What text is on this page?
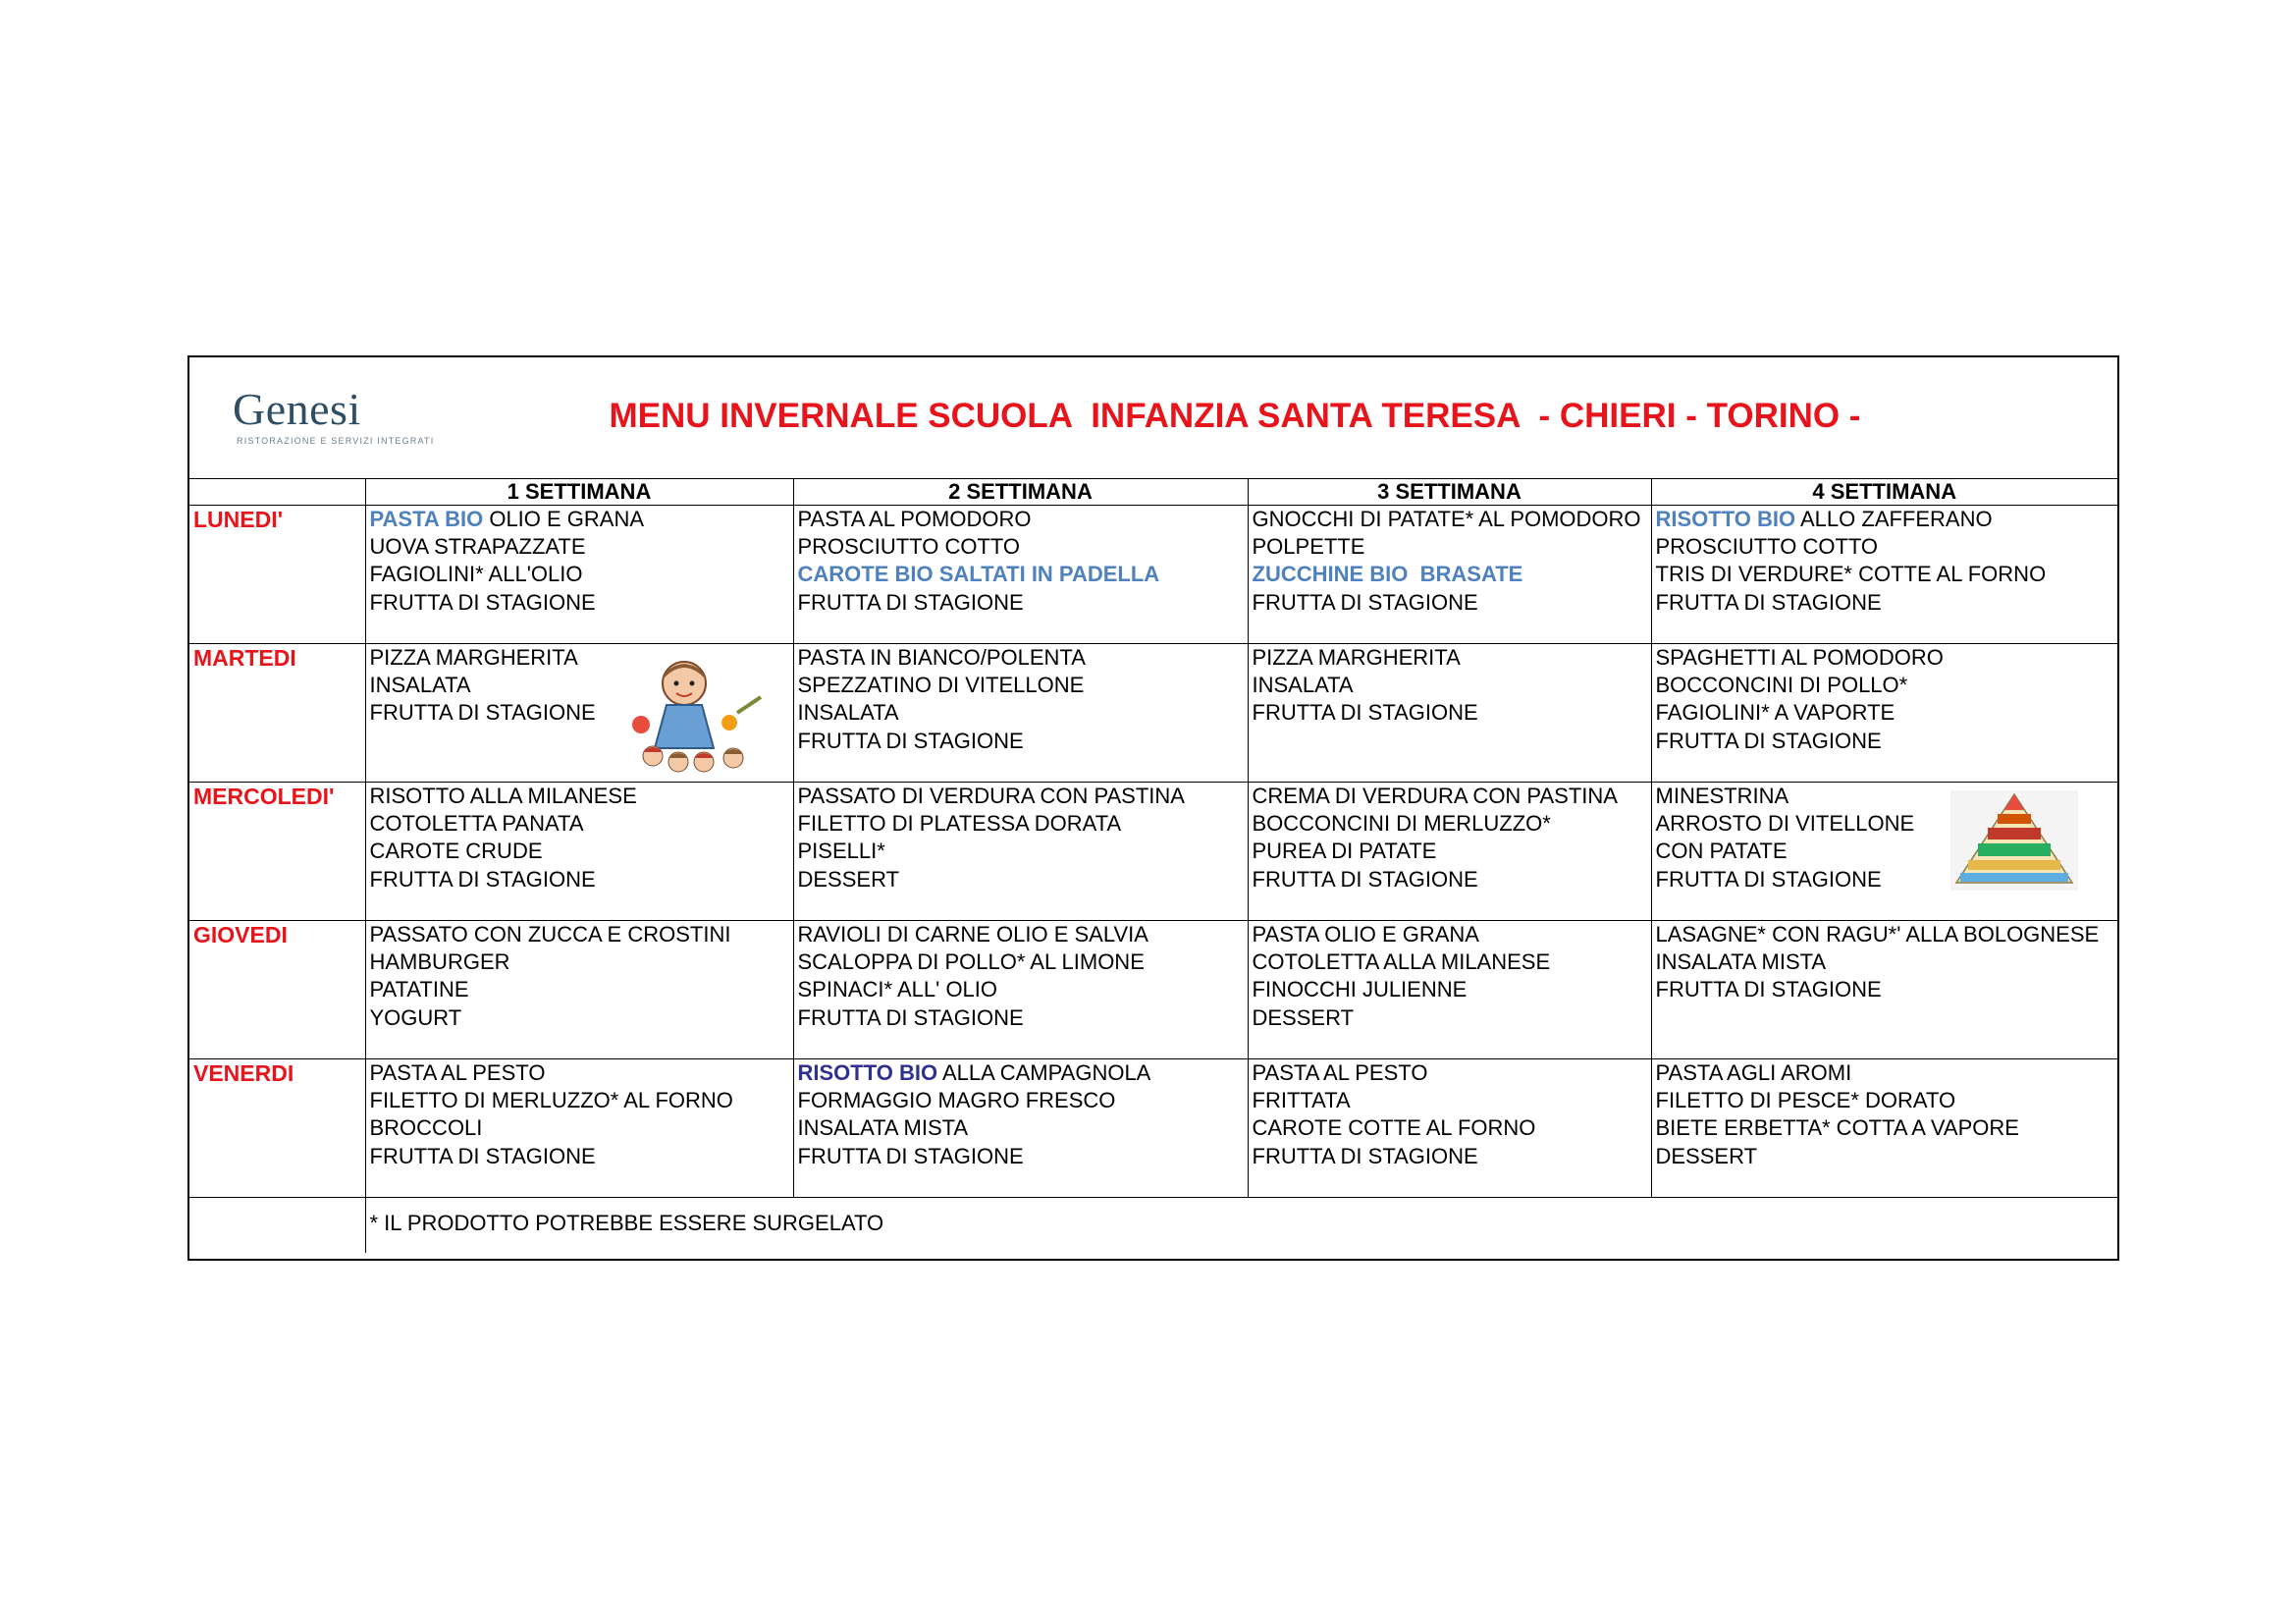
Genesi
RISTORAZIONE E SERVIZI INTEGRATI
MENU INVERNALE SCUOLA  INFANZIA SANTA TERESA  - CHIERI - TORINO -
	1 SETTIMANA	2 SETTIMANA	3 SETTIMANA	4 SETTIMANA
LUNEDI'	PASTA BIO OLIO E GRANA
UOVA STRAPAZZATE
FAGIOLINI* ALL'OLIO
FRUTTA DI STAGIONE	PASTA AL POMODORO
PROSCIUTTO COTTO
CAROTE BIO SALTATI IN PADELLA
FRUTTA DI STAGIONE	GNOCCHI DI PATATE* AL POMODORO
POLPETTE
ZUCCHINE BIO  BRASATE
FRUTTA DI STAGIONE	RISOTTO BIO ALLO ZAFFERANO
PROSCIUTTO COTTO
TRIS DI VERDURE* COTTE AL FORNO
FRUTTA DI STAGIONE

MARTEDI	PIZZA MARGHERITA
INSALATA
FRUTTA DI STAGIONE	PASTA IN BIANCO/POLENTA
SPEZZATINO DI VITELLONE
INSALATA
FRUTTA DI STAGIONE	PIZZA MARGHERITA
INSALATA
FRUTTA DI STAGIONE	SPAGHETTI AL POMODORO
BOCCONCINI DI POLLO*
FAGIOLINI* A VAPORTE
FRUTTA DI STAGIONE

MERCOLEDI'	RISOTTO ALLA MILANESE
COTOLETTA PANATA
CAROTE CRUDE
FRUTTA DI STAGIONE	PASSATO DI VERDURA CON PASTINA
FILETTO DI PLATESSA DORATA
PISELLI*
DESSERT	CREMA DI VERDURA CON PASTINA
BOCCONCINI DI MERLUZZO*
PUREA DI PATATE
FRUTTA DI STAGIONE	MINESTRINA
ARROSTO DI VITELLONE
CON PATATE
FRUTTA DI STAGIONE

GIOVEDI	PASSATO CON ZUCCA E CROSTINI
HAMBURGER
PATATINE
YOGURT	RAVIOLI DI CARNE OLIO E SALVIA
SCALOPPA DI POLLO* AL LIMONE
SPINACI* ALL' OLIO
FRUTTA DI STAGIONE	PASTA OLIO E GRANA
COTOLETTA ALLA MILANESE
FINOCCHI JULIENNE
DESSERT	LASAGNE* CON RAGU*' ALLA BOLOGNESE
INSALATA MISTA
FRUTTA DI STAGIONE

VENERDI	PASTA AL PESTO
FILETTO DI MERLUZZO* AL FORNO
BROCCOLI
FRUTTA DI STAGIONE	RISOTTO BIO ALLA CAMPAGNOLA
FORMAGGIO MAGRO FRESCO
INSALATA MISTA
FRUTTA DI STAGIONE	PASTA AL PESTO
FRITTATA
CAROTE COTTE AL FORNO
FRUTTA DI STAGIONE	PASTA AGLI AROMI
FILETTO DI PESCE* DORATO
BIETE ERBETTA* COTTA A VAPORE
DESSERT

	* IL PRODOTTO POTREBBE ESSERE SURGELATO			
